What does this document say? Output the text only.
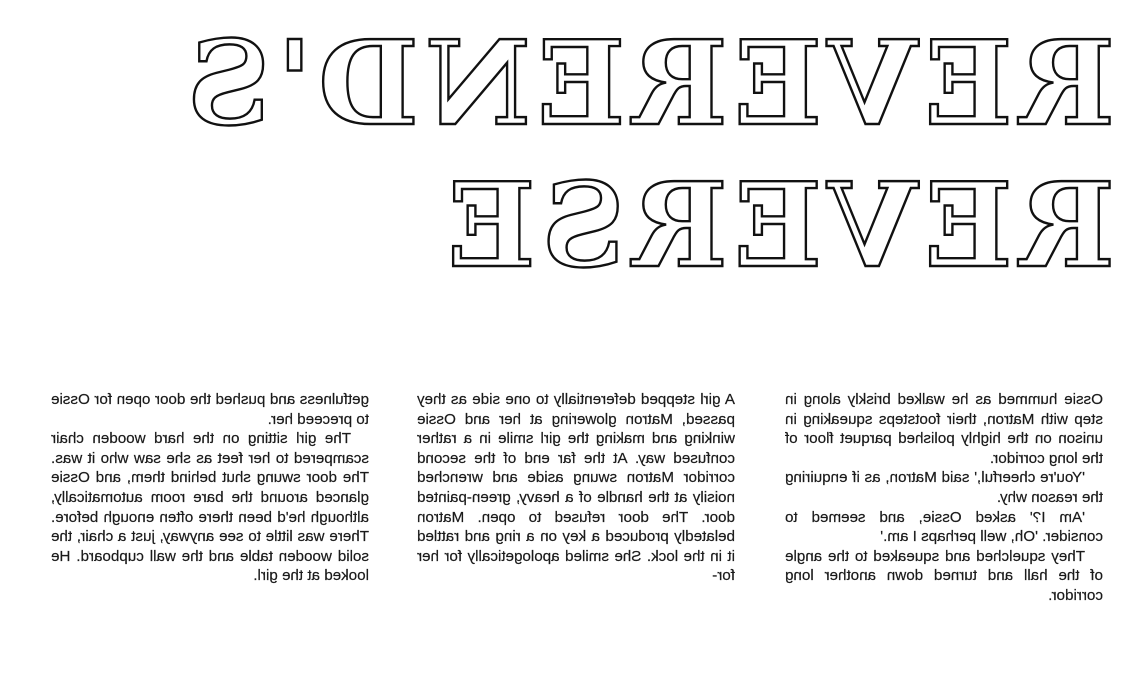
REVEREND'S
REVERSE

Ossie hummed as he walked briskly along in step with Matron, their footsteps squeaking in unison on the highly polished parquet floor of the long corridor.

'You're cheerful,' said Matron, as if enquiring the reason why.

'Am I?' asked Ossie, and seemed to consider. 'Oh, well perhaps I am.'

They squelched and squeaked to the angle of the hall and turned down another long corridor.

A girl stepped deferentially to one side as they passed, Matron glowering at her and Ossie winking and making the girl smile in a rather confused way. At the far end of the second corridor Matron swung aside and wrenched noisily at the handle of a heavy, green-painted door. The door refused to open. Matron belatedly produced a key on a ring and rattled it in the lock. She smiled apologetically for her for-

getfulness and pushed the door open for Ossie to preceed her.

The girl sitting on the hard wooden chair scampered to her feet as she saw who it was. The door swung shut behind them, and Ossie glanced around the bare room automatically, although he'd been there often enough before. There was little to see anyway, just a chair, the solid wooden table and the wall cupboard. He looked at the girl.
